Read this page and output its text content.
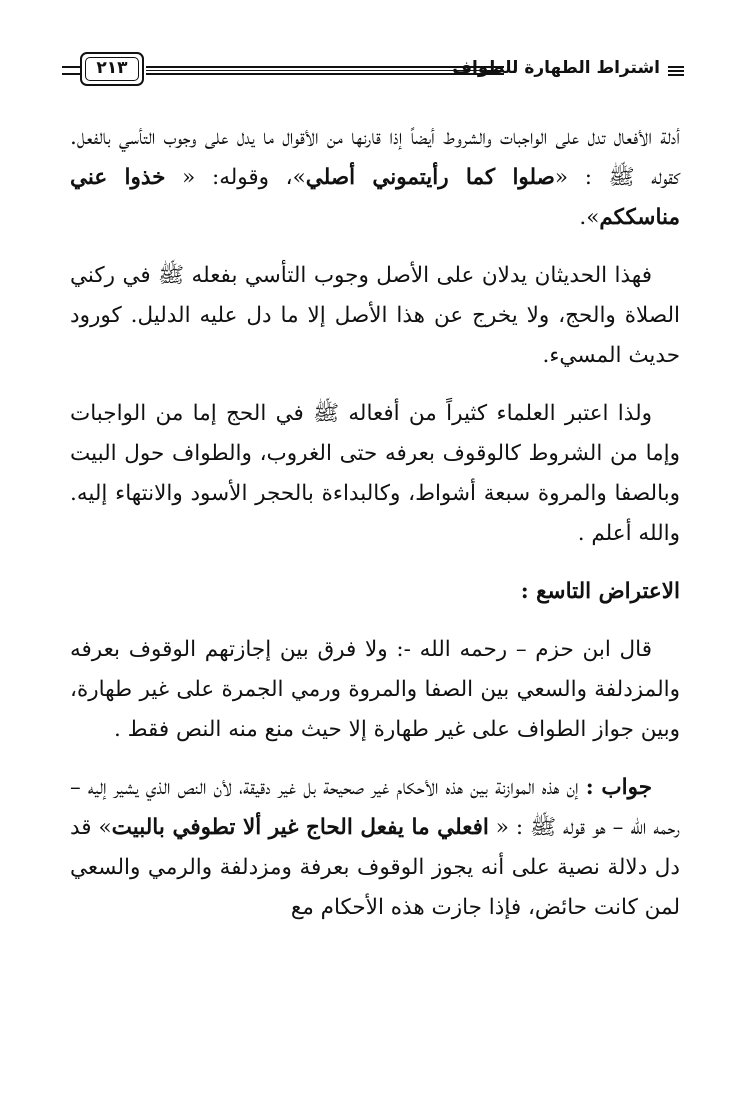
اشتراط الطهارة للطواف
٢١٣

أدلة الأفعال تدل على الواجبات والشروط أيضاً إذا قارنها من الأقوال ما يدل على وجوب التأسي بالفعل. كقوله ﷺ : «صلوا كما رأيتموني أصلي»، وقوله: « خذوا عني مناسككم».

فهذا الحديثان يدلان على الأصل وجوب التأسي بفعله ﷺ في ركني الصلاة والحج، ولا يخرج عن هذا الأصل إلا ما دل عليه الدليل. كورود حديث المسيء.

ولذا اعتبر العلماء كثيراً من أفعاله ﷺ في الحج إما من الواجبات وإما من الشروط كالوقوف بعرفه حتى الغروب، والطواف حول البيت وبالصفا والمروة سبعة أشواط، وكالبداءة بالحجر الأسود والانتهاء إليه. والله أعلم .

الاعتراض التاسع :

قال ابن حزم – رحمه الله -: ولا فرق بين إجازتهم الوقوف بعرفه والمزدلفة والسعي بين الصفا والمروة ورمي الجمرة على غير طهارة، وبين جواز الطواف على غير طهارة إلا حيث منع منه النص فقط .

جواب : إن هذه الموازنة بين هذه الأحكام غير صحيحة بل غير دقيقة، لأن النص الذي يشير إليه – رحمه الله – هو قوله ﷺ : « افعلي ما يفعل الحاج غير ألا تطوفي بالبيت» قد دل دلالة نصية على أنه يجوز الوقوف بعرفة ومزدلفة والرمي والسعي لمن كانت حائض، فإذا جازت هذه الأحكام مع
